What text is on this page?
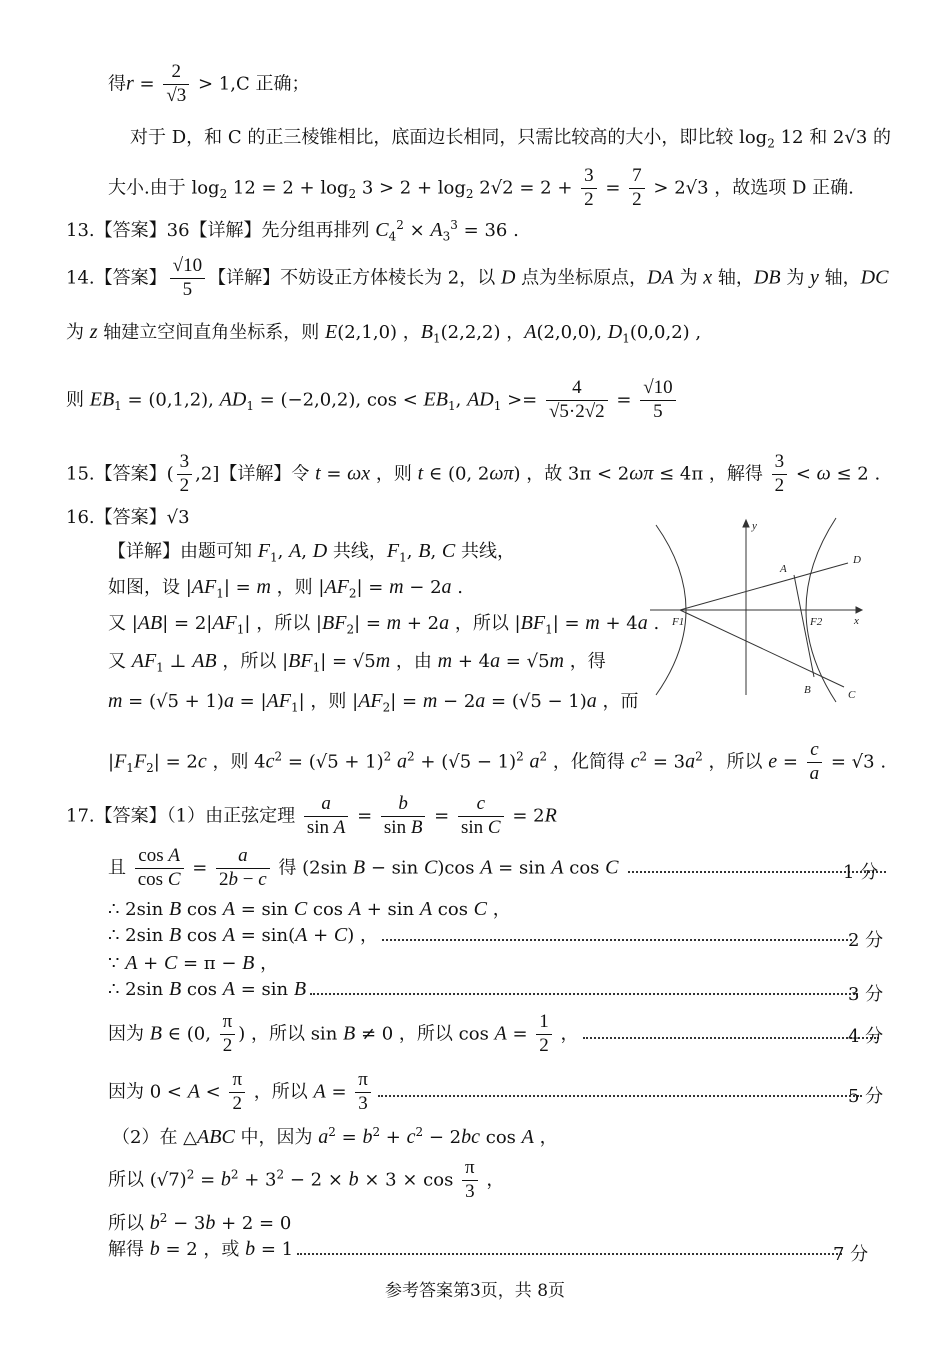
得$r = \frac{2}{√3} > 1,C$ 正确；
对于 D，和 C 的正三棱锥相比，底面边长相同，只需比较高的大小，即比较 $\log_2 12$ 和 2√3 的
大小.由于 $\log_2 12 = 2 + \log_2 3 > 2 + \log_2 2√2 = 2 + \frac{3}{2} = \frac{7}{2} > 2√3$ ，故选项 D 正确.
13.【答案】36【详解】先分组再排列 $C_4^2 \times A_3^3 = 36$ .
14.【答案】 $\frac{√10}{5}$ 【详解】不妨设正方体棱长为 2，以 D 点为坐标原点，DA 为 x 轴，DB 为 y 轴，DC
为 z 轴建立空间直角坐标系，则 E(2,1,0) ，$B_1(2,2,2)$ ，A(2,0,0), $D_1(0,0,2)$ ,
则 $EB_1 = (0,1,2)$, $AD_1 = (-2,0,2)$, $\cos < EB_1$, $AD_1 >= \frac{4}{√5\cdot 2√2} = \frac{√10}{5}$
15.【答案】( $\frac{3}{2} ,2$]【详解】令 t = ωx ，则 t ∈ (0, 2ωπ) ，故 3π < 2ωπ ≤ 4π ，解得 $\frac{3}{2} < \omega \le 2$ .
16.【答案】√3
【详解】由题可知 $F_1$, A, D 共线，$F_1$, B, C 共线，
如图，设 $|AF_1| = m$ ，则 $|AF_2| = m - 2a$ .
又 $|AB| = 2|AF_1|$ ，所以 $|BF_2| = m + 2a$ ，所以 $|BF_1| = m + 4a$ .
又 $AF_1$ ⊥ AB ，所以 $|BF_1| = √5m$ ，由 m + 4a = √5m ，得
$m = (√5 + 1)a = |AF_1|$ ，则 $|AF_2| = m - 2a = (√5 - 1)a$ ，而
$|F_1F_2| = 2c$ ，则 $4c^2 = (√5 + 1)^2$ $a^2 + (√5 - 1)^2$ $a^2$ ，化简得 $c^2 = 3a^2$ ，所以 $e = \frac{c}{a} = √3$ .
y
x
A
B	C
D
F1	F2
17.【答案】（1）由正弦定理 $\frac{a}{\text{sin A}} = \frac{b}{\text{sin B}} = \frac{c}{\text{sin C}} = 2R$
且 $\frac{\text{cos A}}{\text{cos C}} = \frac{a}{2b - c}$ 得 (2sin B − sin C)cos A = sin A cos C	1 分
∴ 2sin B cos A = sin C cos A + sin A cos C ，
∴ 2sin B cos A = sin(A + C) ，	2 分
∵ A + C = π − B ，
∴ 2sin B cos A = sin B	3 分
因为 B ∈ (0, $\frac{\pi}{2}$ ) ，所以 sin B ≠ 0 ，所以 $\cos A = \frac{1}{2}$ ，	4 分
因为 $0 < A < \frac{\pi}{2}$ ，所以 $A = \frac{\pi}{3}$	5 分
（2）在 △ABC 中，因为 $a^2 = b^2 + c^2 - 2bc$ cos A ，
所以 $(√7)^2 = b^2 + 3^2 - 2 \times b \times 3 \times \cos \frac{\pi}{3}$ ，
所以 $b^2 - 3b + 2 = 0$
解得 b = 2 ，或 b = 1	7 分
参考答案第3页，共 8页
